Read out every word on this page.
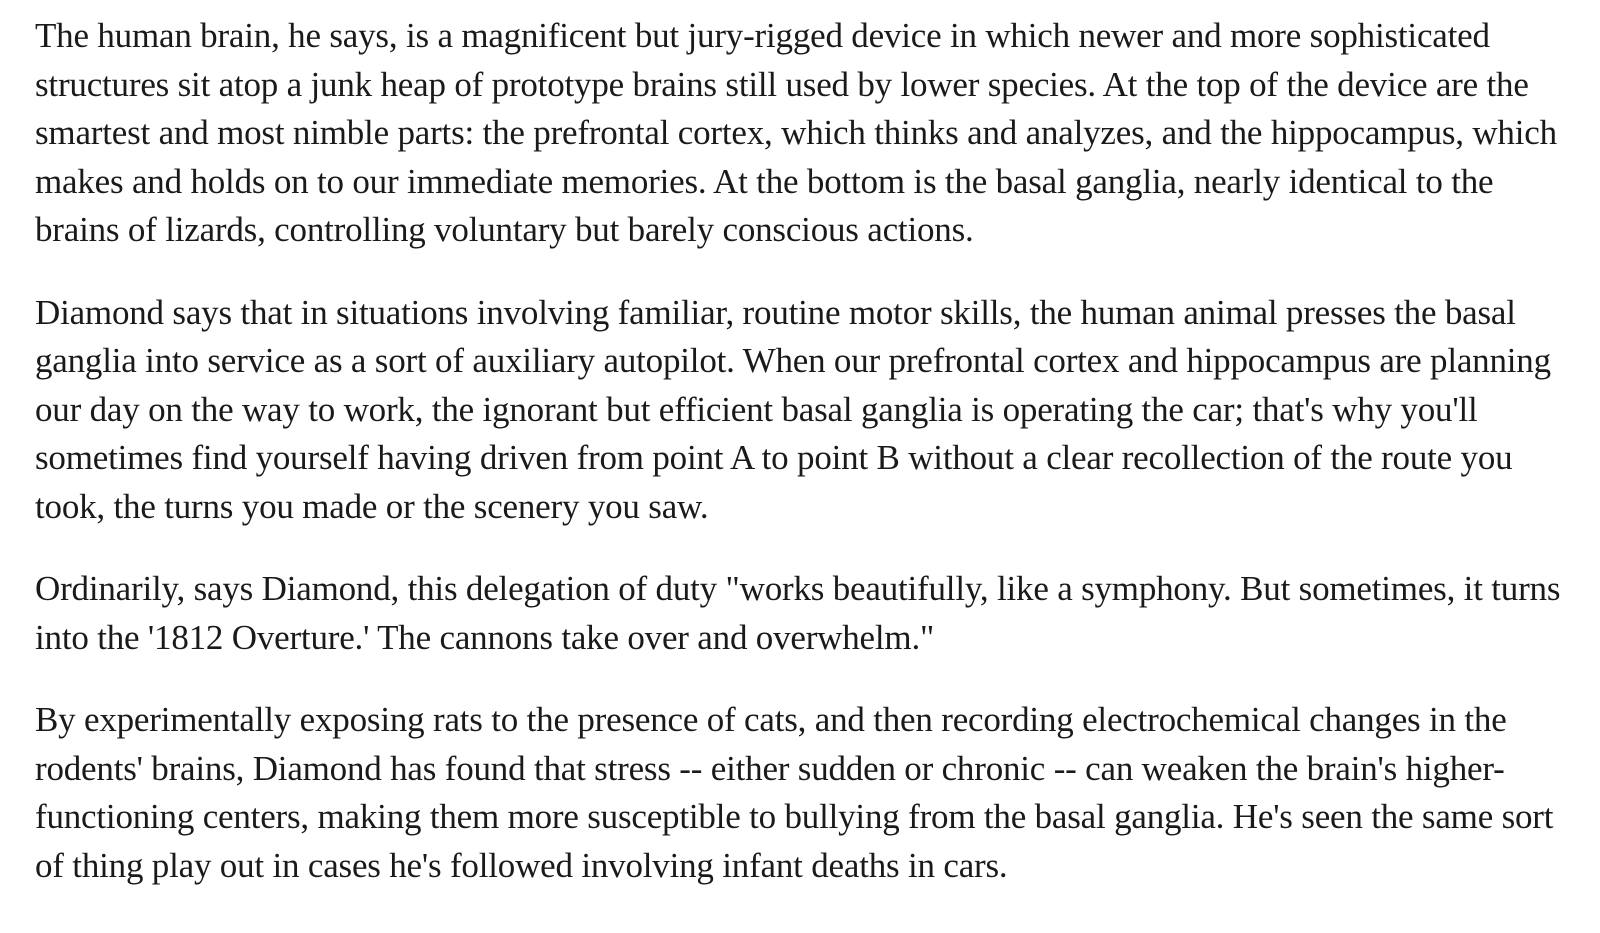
The human brain, he says, is a magnificent but jury-rigged device in which newer and more sophisticated structures sit atop a junk heap of prototype brains still used by lower species. At the top of the device are the smartest and most nimble parts: the prefrontal cortex, which thinks and analyzes, and the hippocampus, which makes and holds on to our immediate memories. At the bottom is the basal ganglia, nearly identical to the brains of lizards, controlling voluntary but barely conscious actions.

Diamond says that in situations involving familiar, routine motor skills, the human animal presses the basal ganglia into service as a sort of auxiliary autopilot. When our prefrontal cortex and hippocampus are planning our day on the way to work, the ignorant but efficient basal ganglia is operating the car; that's why you'll sometimes find yourself having driven from point A to point B without a clear recollection of the route you took, the turns you made or the scenery you saw.

Ordinarily, says Diamond, this delegation of duty "works beautifully, like a symphony. But sometimes, it turns into the '1812 Overture.' The cannons take over and overwhelm."

By experimentally exposing rats to the presence of cats, and then recording electrochemical changes in the rodents' brains, Diamond has found that stress -- either sudden or chronic -- can weaken the brain's higher-functioning centers, making them more susceptible to bullying from the basal ganglia. He's seen the same sort of thing play out in cases he's followed involving infant deaths in cars.
